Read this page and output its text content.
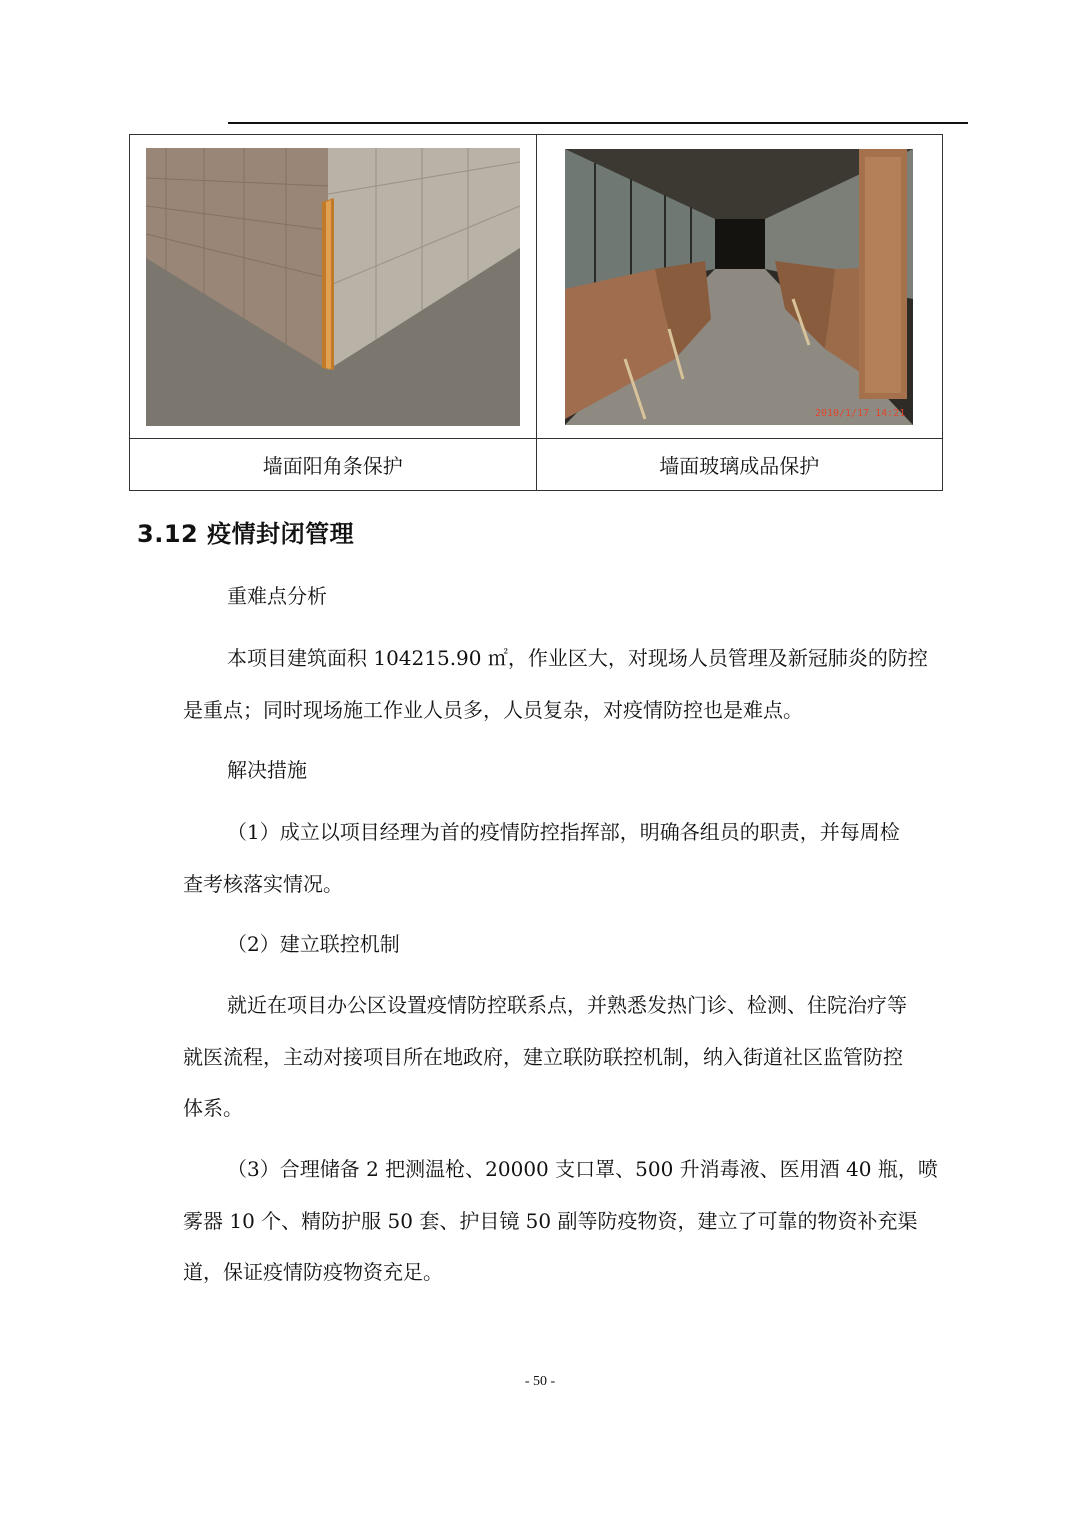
2010/1/17 14:21

墙面阳角条保护	墙面玻璃成品保护
3.12 疫情封闭管理
重难点分析
本项目建筑面积 104215.90 ㎡，作业区大，对现场人员管理及新冠肺炎的防控
是重点；同时现场施工作业人员多，人员复杂，对疫情防控也是难点。
解决措施
（1）成立以项目经理为首的疫情防控指挥部，明确各组员的职责，并每周检
查考核落实情况。
（2）建立联控机制
就近在项目办公区设置疫情防控联系点，并熟悉发热门诊、检测、住院治疗等
就医流程，主动对接项目所在地政府，建立联防联控机制，纳入街道社区监管防控
体系。
（3）合理储备 2 把测温枪、20000 支口罩、500 升消毒液、医用酒 40 瓶，喷
雾器 10 个、精防护服 50 套、护目镜 50 副等防疫物资，建立了可靠的物资补充渠
道，保证疫情防疫物资充足。
- 50 -
